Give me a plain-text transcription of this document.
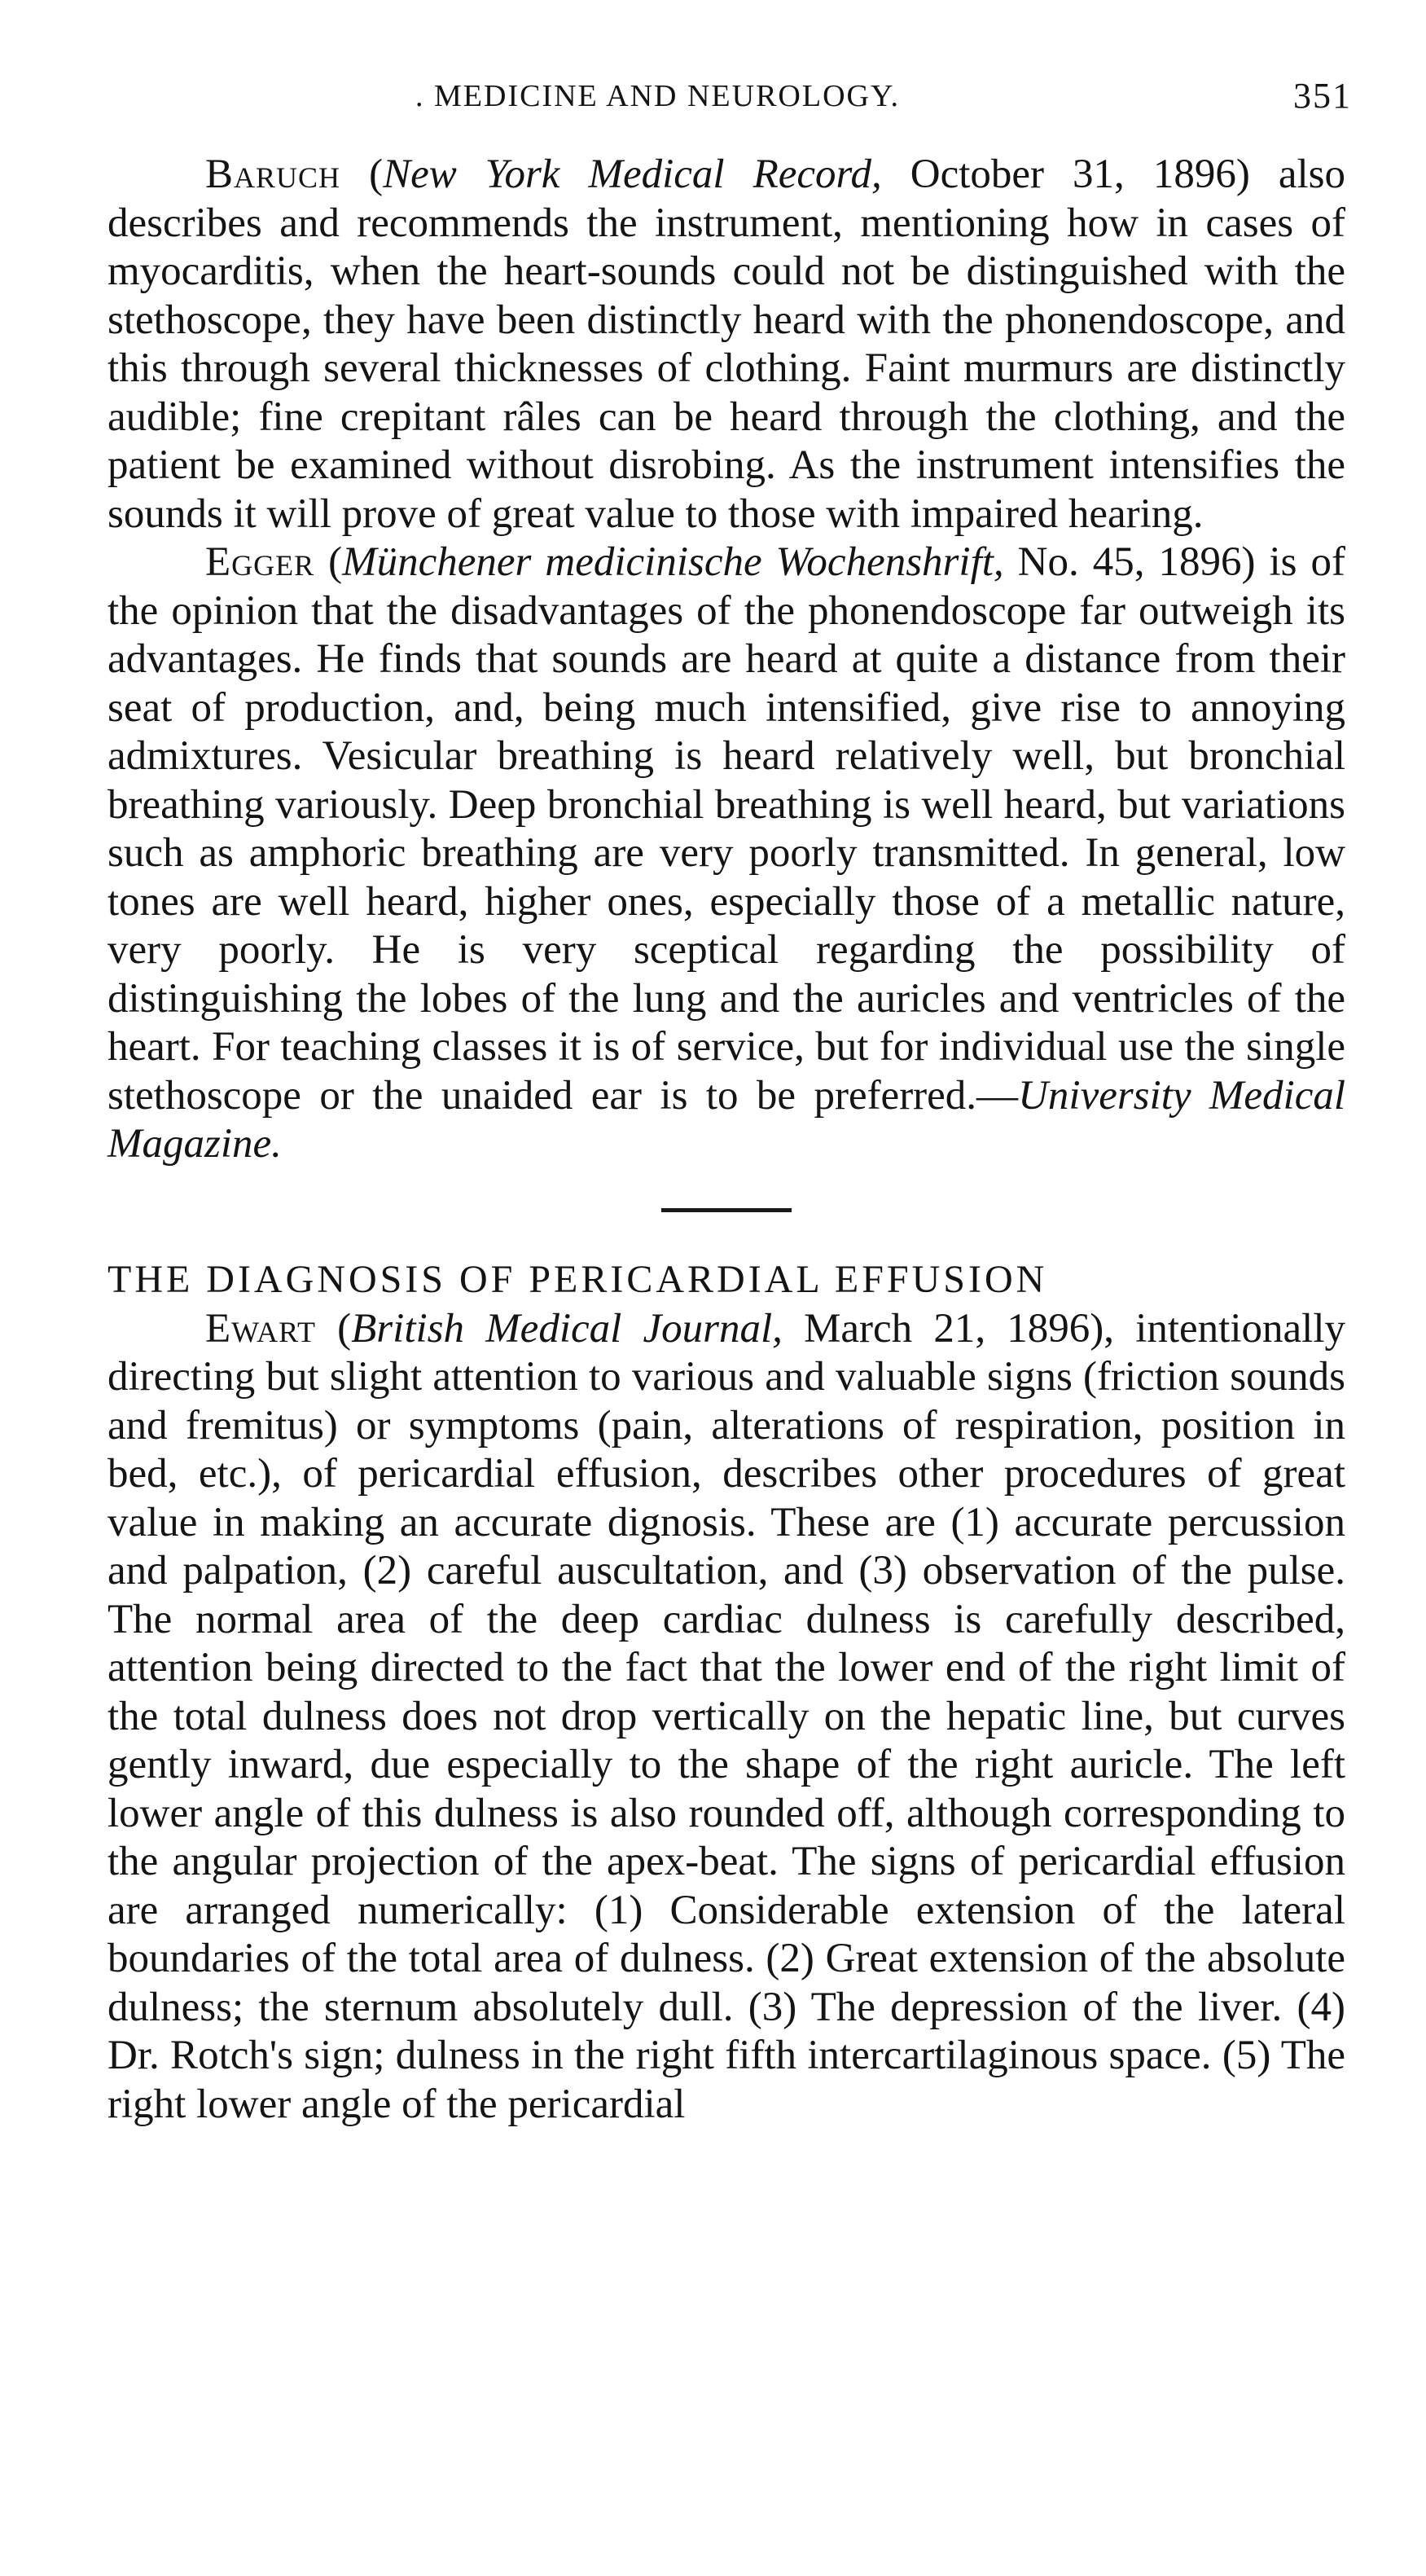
. MEDICINE AND NEUROLOGY.	351

Baruch (New York Medical Record, October 31, 1896) also describes and recommends the instrument, mentioning how in cases of myocarditis, when the heart-sounds could not be distinguished with the stethoscope, they have been distinctly heard with the phonendoscope, and this through several thicknesses of clothing. Faint murmurs are distinctly audible; fine crepitant râles can be heard through the clothing, and the patient be examined without disrobing. As the instrument intensifies the sounds it will prove of great value to those with impaired hearing.

Egger (Münchener medicinische Wochenshrift, No. 45, 1896) is of the opinion that the disadvantages of the phonendoscope far outweigh its advantages. He finds that sounds are heard at quite a distance from their seat of production, and, being much intensified, give rise to annoying admixtures. Vesicular breathing is heard relatively well, but bronchial breathing variously. Deep bronchial breathing is well heard, but variations such as amphoric breathing are very poorly transmitted. In general, low tones are well heard, higher ones, especially those of a metallic nature, very poorly. He is very sceptical regarding the possibility of distinguishing the lobes of the lung and the auricles and ventricles of the heart. For teaching classes it is of service, but for individual use the single stethoscope or the unaided ear is to be preferred.—University Medical Magazine.

THE DIAGNOSIS OF PERICARDIAL EFFUSION

Ewart (British Medical Journal, March 21, 1896), intentionally directing but slight attention to various and valuable signs (friction sounds and fremitus) or symptoms (pain, alterations of respiration, position in bed, etc.), of pericardial effusion, describes other procedures of great value in making an accurate dignosis. These are (1) accurate percussion and palpation, (2) careful auscultation, and (3) observation of the pulse. The normal area of the deep cardiac dulness is carefully described, attention being directed to the fact that the lower end of the right limit of the total dulness does not drop vertically on the hepatic line, but curves gently inward, due especially to the shape of the right auricle. The left lower angle of this dulness is also rounded off, although corresponding to the angular projection of the apex-beat. The signs of pericardial effusion are arranged numerically: (1) Considerable extension of the lateral boundaries of the total area of dulness. (2) Great extension of the absolute dulness; the sternum absolutely dull. (3) The depression of the liver. (4) Dr. Rotch's sign; dulness in the right fifth intercartilaginous space. (5) The right lower angle of the pericardial
